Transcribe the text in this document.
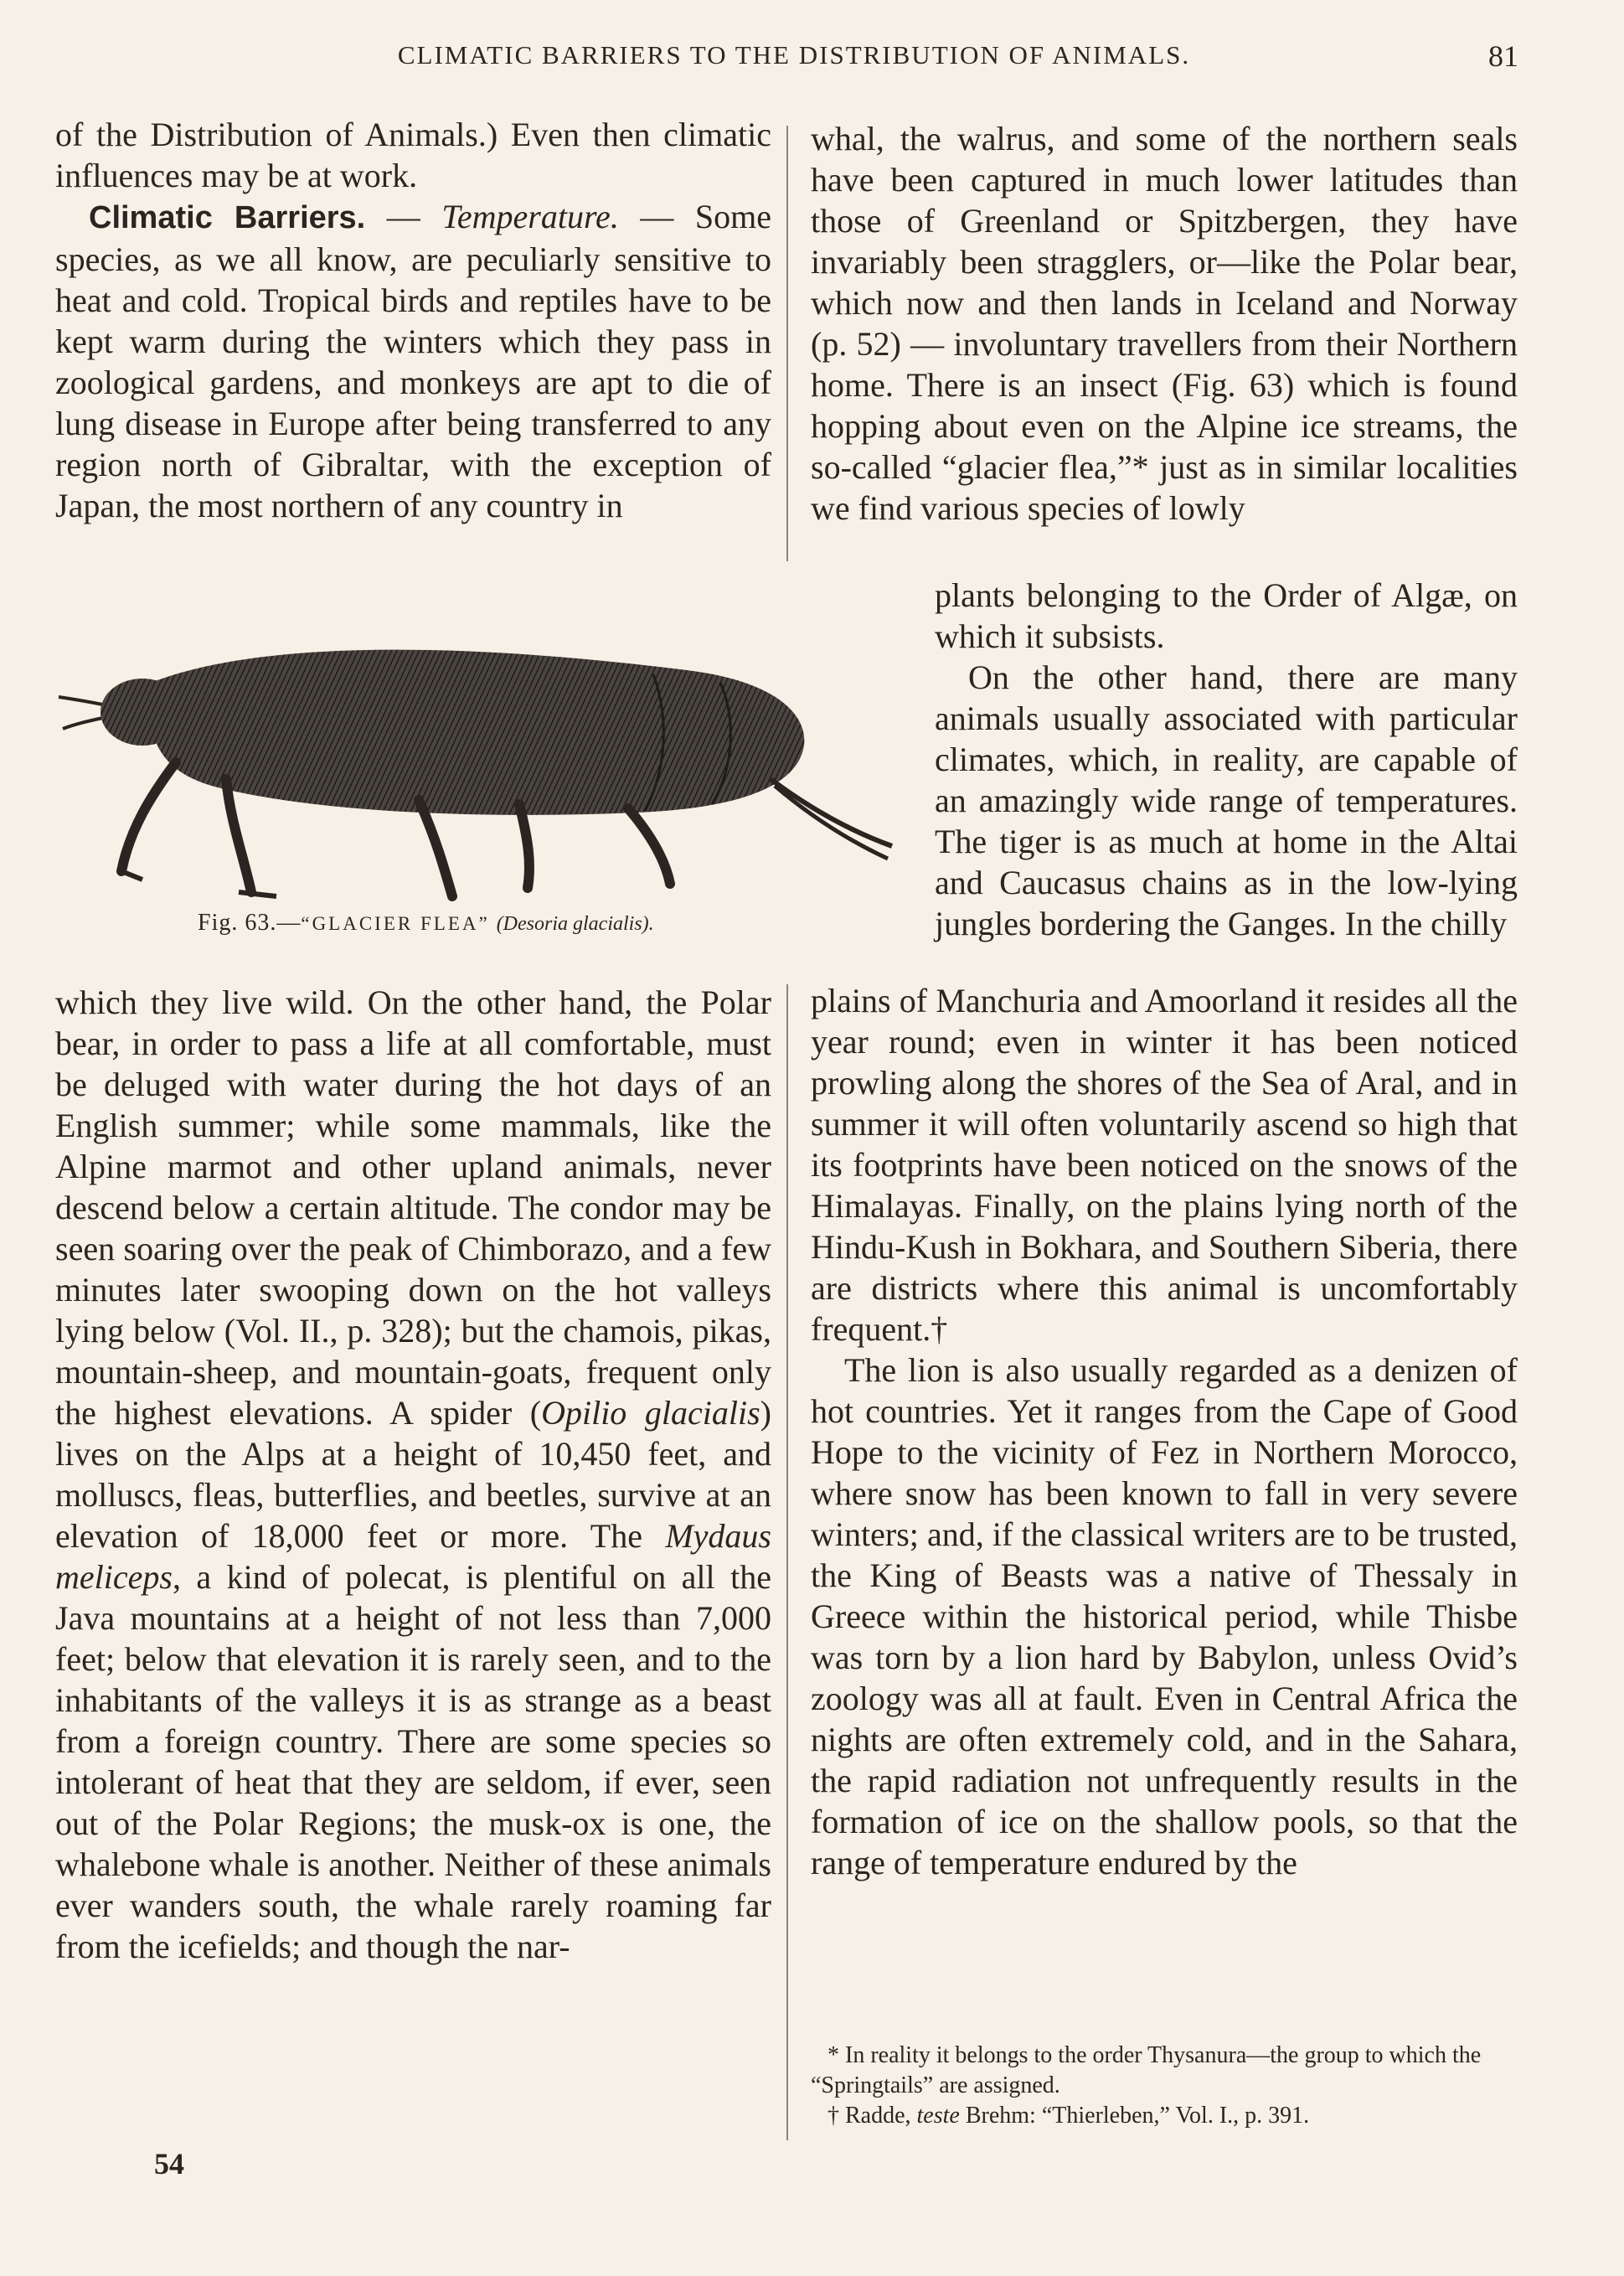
CLIMATIC BARRIERS TO THE DISTRIBUTION OF ANIMALS.	81

of the Distribution of Animals.) Even then climatic influences may be at work.

Climatic Barriers. — Temperature. — Some species, as we all know, are peculiarly sensitive to heat and cold. Tropical birds and reptiles have to be kept warm during the winters which they pass in zoological gardens, and monkeys are apt to die of lung disease in Europe after being transferred to any region north of Gibraltar, with the exception of Japan, the most northern of any country in

Fig. 63.—“GLACIER FLEA” (Desoria glacialis).

which they live wild. On the other hand, the Polar bear, in order to pass a life at all comfortable, must be deluged with water during the hot days of an English summer; while some mammals, like the Alpine marmot and other upland animals, never descend below a certain altitude. The condor may be seen soaring over the peak of Chimborazo, and a few minutes later swooping down on the hot valleys lying below (Vol. II., p. 328); but the chamois, pikas, mountain-sheep, and mountain-goats, frequent only the highest elevations. A spider (Opilio glacialis) lives on the Alps at a height of 10,450 feet, and molluscs, fleas, butterflies, and beetles, survive at an elevation of 18,000 feet or more. The Mydaus meliceps, a kind of polecat, is plentiful on all the Java mountains at a height of not less than 7,000 feet; below that elevation it is rarely seen, and to the inhabitants of the valleys it is as strange as a beast from a foreign country. There are some species so intolerant of heat that they are seldom, if ever, seen out of the Polar Regions; the musk-ox is one, the whalebone whale is another. Neither of these animals ever wanders south, the whale rarely roaming far from the icefields; and though the nar-

54

whal, the walrus, and some of the northern seals have been captured in much lower latitudes than those of Greenland or Spitzbergen, they have invariably been stragglers, or—like the Polar bear, which now and then lands in Iceland and Norway (p. 52) — involuntary travellers from their Northern home. There is an insect (Fig. 63) which is found hopping about even on the Alpine ice streams, the so-called “glacier flea,”* just as in similar localities we find various species of lowly

plants belonging to the Order of Algæ, on which it subsists.

On the other hand, there are many animals usually associated with particular climates, which, in reality, are capable of an amazingly wide range of temperatures. The tiger is as much at home in the Altai and Caucasus chains as in the low-lying jungles bordering the Ganges. In the chilly

plains of Manchuria and Amoorland it resides all the year round; even in winter it has been noticed prowling along the shores of the Sea of Aral, and in summer it will often voluntarily ascend so high that its footprints have been noticed on the snows of the Himalayas. Finally, on the plains lying north of the Hindu-Kush in Bokhara, and Southern Siberia, there are districts where this animal is uncomfortably frequent.†

The lion is also usually regarded as a denizen of hot countries. Yet it ranges from the Cape of Good Hope to the vicinity of Fez in Northern Morocco, where snow has been known to fall in very severe winters; and, if the classical writers are to be trusted, the King of Beasts was a native of Thessaly in Greece within the historical period, while Thisbe was torn by a lion hard by Babylon, unless Ovid’s zoology was all at fault. Even in Central Africa the nights are often extremely cold, and in the Sahara, the rapid radiation not unfrequently results in the formation of ice on the shallow pools, so that the range of temperature endured by the

* In reality it belongs to the order Thysanura—the group to which the “Springtails” are assigned.

† Radde, teste Brehm: “Thierleben,” Vol. I., p. 391.
